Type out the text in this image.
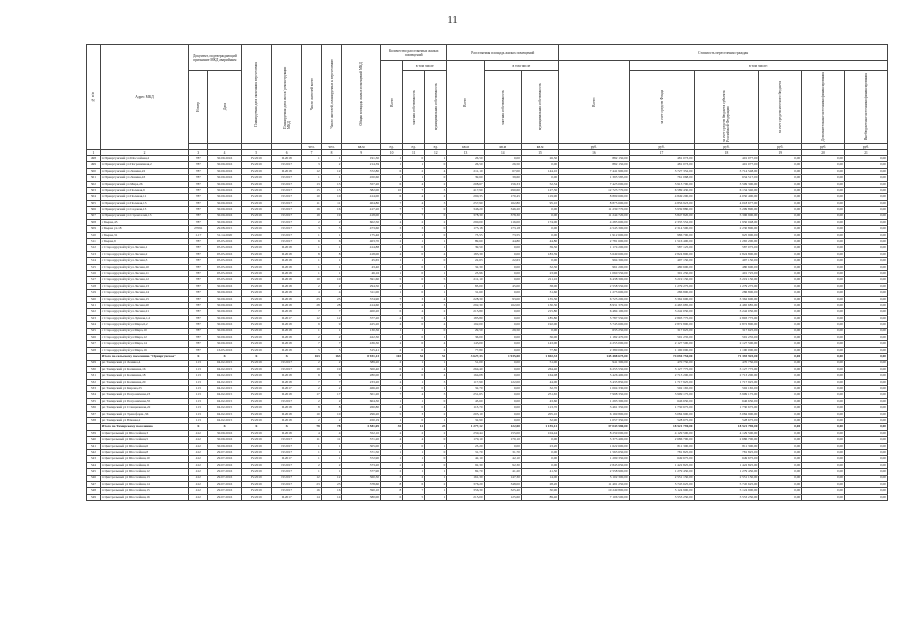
11
№ п/п	Адрес МКД	Документ, подтверждающий признание МКД аварийным		Планируемая дата окончания переселения	Планируемая дата сноса/ реконструкции МКД	Число жителей всего	Число жителей, планируемых к переселению	Общая площадь жилых помещений МКД	Количество расселяемых жилых помещений			Расселяемая площадь жилых помещений			Стоимость переселения граждан					

									Всего	в том числе		Всего	в том числе		Всего:	в том числе:				

		Номер	Дата							частная собственность	муниципальная собственность		частная собственность	муниципальная собственность		за счет средств Фонда	за счет средств бюджета субъекта Российской Федерации	за счет средств местного бюджета	Дополнительные источники финансирования	Внебюджетные источники финансирования

						чел.	чел.	кв.м	ед.	ед.	ед.	кв.м	кв.м	кв.м	руб.	руб.	руб.	руб.	руб.	руб.
1	2	3	4	5	6	7	8	9	10	11	12	13	14	15	16	17	18	19	20	21
498	п Приаргунский ул Шоссейная,2	787	30.09.2016	IV.2019	II.2018	1	1	191,30	1	0	1	26,50	0,00	26,50	882 150,00	481 073,00	401 077,00	0,00	0,00	0,00
499	п Приаргунский ул Пограничная,2	787	30.09.2016	IV.2019	IV.2017	3	2	214,39	1	1	0	26,50	26,50	0,00	882 150,00	481 073,00	401 077,00	0,00	0,00	0,00
500	п Приаргунский ул Ленина,22	787	30.09.2016	IV.2019	II.2018	12	12	372,80	6	2	4	211,10	67,00	144,10	7 441 900,00	3 727 352,00	3 714 548,00	0,00	0,00	0,00
501	п Приаргунский ул Ленина,43	787	30.09.2016	IV.2019	IV.2017	1	1	450,60	1	1	0	39,60	39,60	0,00	1 395 585,00	761 068,00	634 517,00	0,00	0,00	0,00
502	п Приаргунский ул Мира,26	787	30.09.2016	IV.2019	IV.2017	13	13	357,20	6	4	2	208,67	156,33	52,34	7 423 000,00	3 913 700,00	3 509 300,00	0,00	0,00	0,00
503	п Приаргунский ул Полевая,9	787	30.09.2016	IV.2019	IV.2017	15	15	382,00	10	7	3	417,90	290,60	127,30	12 723 770,00	6 589 430,00	6 134 340,00	0,00	0,00	0,00
504	п Приаргунский ул Полевая,11	787	30.09.2016	IV.2019	IV.2017	10	10	414,00	6	4	2	290,35	170,45	119,90	8 899 600,00	4 849 200,00	4 050 400,00	0,00	0,00	0,00
505	п Приаргунский ул Полевая,13	787	30.09.2016	IV.2019	IV.2017	11	11	404,80	7	4	3	257,90	162,80	95,10	8 875 600,00	4 856 923,00	4 018 677,00	0,00	0,00	0,00
506	п Приаргунский ул Садовая,13	787	30.09.2016	IV.2019	IV.2017	16	16	417,20	7	7	0	346,20	346,20	0,00	11 239 770,00	5 939 880,00	5 299 890,00	0,00	0,00	0,00
507	п Приаргунский ул Строителей,13	787	30.09.2016	IV.2019	IV.2017	19	19	418,00	7	7	0	378,30	378,30	0,00	11 244 720,00	5 847 820,00	5 396 900,00	0,00	0,00	0,00
508	с Бырка,45	787	30.09.2016	IV.2019	IV.2017	2	2	602,50	4	2	2	290,00	116,00	174,00	4 285 600,00	2 335 552,00	1 950 048,00	0,00	0,00	0,00
509	с Бырка ул.18	27091	29.08.2015	IV.2019	IV.2017	3	3	473,60	3	3	0	173,18	173,18	0,00	4 545 300,00	2 314 500,00	2 230 800,00	0,00	0,00	0,00
510	с Бырка,31	1.17	31.14.2020	IV.2020	IV.2017	1	1	175,46	1	1	0	73,55	73,55	0,00	1 912 600,00	986 700,00	925 900,00	0,00	0,00	0,00
511	с Бырка,9	787	05.05.2016	IV.2019	IV.2017	6	6	403,70	2	1	1	89,60	44,80	44,80	2 781 600,00	1 516 400,00	1 265 200,00	0,00	0,00	0,00
512	с Староцурухайтуй ул Лесная,1	787	05.05.2016	IV.2019	II.2018	1	1	414,88	1	0	1	39,50	0,00	39,50	1 174 200,00	587 125,00	587 075,00	0,00	0,00	0,00
513	с Староцурухайтуй ул Лесная,2	787	05.05.2016	IV.2019	II.2018	8	8	418,00	4	0	4	183,39	0,00	183,39	5 649 600,00	2 824 800,00	2 824 800,00	0,00	0,00	0,00
514	с Староцурухайтуй ул Лесная,3	787	05.05.2016	IV.2019	II.2018	1	1	45,65	1	1	0	22,63	22,63	0,00	994 300,00	497 150,00	497 150,00	0,00	0,00	0,00
515	с Староцурухайтуй ул Лесная,10	787	05.05.2016	IV.2019	II.2018	1	1	43,40	1	0	1	32,30	0,00	32,30	961 200,00	480 600,00	480 600,00	0,00	0,00	0,00
516	с Староцурухайтуй ул Лесная,11	787	05.05.2016	IV.2019	II.2018	1	1	46,16	1	0	1	23,96	0,00	23,96	1 060 550,00	301 250,00	401 725,00	0,00	0,00	0,00
517	с Староцурухайтуй ул Лесная,12	787	05.05.2016	IV.2019	II.2018	10	10	391,60	5	0	5	211,10	0,00	211,10	6 438 300,00	3 219 150,00	3 219 150,00	0,00	0,00	0,00
518	с Староцурухайтуй ул Лесная,13	787	30.09.2016	IV.2019	II.2018	2	2	294,50	2	1	1	83,00	45,00	38,00	2 558 550,00	1 279 275,00	1 279 275,00	0,00	0,00	0,00
519	с Староцурухайтуй ул Лесная,14	787	30.09.2016	IV.2019	II.2018	4	4	311,00	1	0	1	31,60	0,00	31,60	1 273 600,00	286 800,00	286 800,00	0,00	0,00	0,00
520	с Староцурухайтуй ул Лесная,15	787	30.09.2016	IV.2019	II.2018	25	25	374,90	7	3	4	228,30	93,00	135,30	6 725 200,00	3 362 600,00	3 362 600,00	0,00	0,00	0,00
521	с Староцурухайтуй ул Лесная,20	787	30.09.2016	IV.2019	II.2018	28	28	414,60	7	4	3	292,30	162,00	130,30	8 931 370,00	4 465 685,00	4 465 685,00	0,00	0,00	0,00
522	с Староцурухайтуй ул Лесная,21	787	30.09.2016	IV.2019	II.2018	7	7	400,20	6	4	2	215,80	0,00	215,80	6 484 100,00	3 242 050,00	3 242 050,00	0,00	0,00	0,00
523	с Староцурухайтуй ул Лунная,1,2	787	30.09.2016	IV.2019	II.2017	12	12	377,20	4	0	4	185,80	0,00	185,80	5 787 550,00	2 893 775,00	2 893 775,00	0,00	0,00	0,00
524	с Староцурухайтуй ул Мира,6,2	787	30.09.2016	IV.2019	II.2018	9	9	425,20	4	0	4	192,00	0,00	192,00	5 745 600,00	2 872 800,00	2 872 800,00	0,00	0,00	0,00
525	с Староцурухайтуй ул Мира,10	787	30.09.2016	IV.2019	II.2018	1	1	130,36	1	1	0	29,50	29,50	0,00	635 250,00	317 625,00	317 625,00	0,00	0,00	0,00
526	с Староцурухайтуй ул Мира,12	787	30.09.2016	IV.2019	II.2018	2	2	422,30	1	0	1	36,00	0,00	36,00	1 182 470,00	591 235,00	591 235,00	0,00	0,00	0,00
527	с Староцурухайтуй ул Мира,14	787	30.09.2016	IV.2019	II.2018	7	7	436,30	4	0	4	143,00	0,00	143,00	4 255 000,00	2 127 500,00	2 127 500,00	0,00	0,00	0,00
528	с Староцурухайтуй ул Мира,16	787	16.05.2016	IV.2019	II.2018	5	5	315,41	2	0	2	77,80	0,00	77,80	2 380 000,00	1 190 000,00	1 190 000,00	0,00	0,00	0,00
	Итого по сельскому поселению "Приаргунское"	X	X	X	X	163	163	8 931,13	103	52	51	3 627,33	1 935,00	1 692,33	145 488 675,00	74 094 750,00	71 393 925,00	0,00	0,00	0,00
529	рп Тамирский ул Ленина,4	113	04.02.2015	IV.2019	IV.2017	2	2	389,20	2	1	1	51,00	0,00	51,00	941 300,00	470 750,00	470 750,00	0,00	0,00	0,00
530	рп Тамирский ул Калинина,16	113	04.02.2015	IV.2019	IV.2017	19	19	300,40	6	2	4	264,40	0,00	264,40	6 255 550,00	3 127 775,00	3 127 775,00	0,00	0,00	0,00
531	рп Тамирский ул Калинина,18	113	04.02.2015	IV.2019	II.2018	9	9	280,00	4	0	4	164,08	0,00	164,08	5 426 400,00	2 713 200,00	2 713 200,00	0,00	0,00	0,00
532	рп Тамирский ул Калинина,20	113	04.02.2015	IV.2019	II.2018	7	7	233,20	4	1	3	117,99	122,00	44,00	3 435 850,00	1 717 925,00	1 717 925,00	0,00	0,00	0,00
533	рп Тамирский ул Кирова,25	113	04.02.2015	IV.2019	II.2017	2	2	466,20	1	0	1	32,70	0,00	32,70	1 004 330,00	502 165,00	502 165,00	0,00	0,00	0,00
534	рп Тамирский ул Пограничная,23	113	04.02.2015	IV.2019	II.2018	17	17	301,20	7	4	3	251,65	0,00	251,65	7 998 350,00	3 999 175,00	3 999 175,00	0,00	0,00	0,00
535	рп Тамирский ул Пограничная,35	113	04.02.2015	IV.2019	IV.2017	2	2	604,30	1	1	0	43,60	0,00	43,60	1 293 300,00	646 650,00	646 650,00	0,00	0,00	0,00
536	рп Тамирский ул Станционная,22	113	04.02.2015	IV.2019	II.2018	8	8	260,80	4	0	4	113,70	0,00	113,70	3 461 350,00	1 730 675,00	1 730 675,00	0,00	0,00	0,00
537	рп Тамирский ул Трансформ.,36	113	04.02.2015	IV.2019	II.2018	10	10	296,20	5	3	2	205,10	0,00	205,10	6 169 800,00	3 084 900,00	3 084 900,00	0,00	0,00	0,00
538	рп Тамирский ул Южная,2	113	04.02.2015	IV.2019	II.2018	2	2	450,19	1	0	1	32,90	0,00	32,90	1 057 350,00	528 675,00	528 675,00	0,00	0,00	0,00
	Итого по Тамирскому поселению	X	X	X	X	78	78	3 581,69	35	12	23	1 277,12	122,00	1 155,12	37 043 580,00	18 521 790,00	18 521 790,00	0,00	0,00	0,00
539	п Центральный ул Шоссейная,3	412	30.09.2016	IV.2019	II.2018	4	4	352,10	4	2	2	259,44	155,00	104,44	8 259 000,00	4 129 500,00	4 129 500,00	0,00	0,00	0,00
540	п Центральный ул Шоссейная,5	412	30.09.2016	IV.2019	IV.2017	11	11	371,20	4	4	0	170,10	170,10	0,00	5 373 400,00	2 686 700,00	2 686 700,00	0,00	0,00	0,00
541	п Центральный ул Шоссейная,6	412	30.09.2016	IV.2019	IV.2017	1	1	305,00	1	0	1	23,20	0,00	23,20	1 622 600,00	811 300,00	811 300,00	0,00	0,00	0,00
542	п Центральный ул Шоссейная,8	412	29.07.2016	IV.2019	IV.2017	1	1	371,50	1	1	0	31,70	31,70	0,00	1 563 650,00	781 825,00	781 825,00	0,00	0,00	0,00
543	п Центральный ул Шоссейная,10	412	29.07.2016	IV.2019	II.2017	1	1	372,90	1	1	0	42,10	42,10	0,00	1 299 350,00	649 675,00	649 675,00	0,00	0,00	0,00
544	п Центральный ул Шоссейная,11	412	29.07.2016	IV.2019	IV.2017	2	2	373,20	2	2	0	92,30	92,30	0,00	2 845 650,00	1 422 825,00	1 422 825,00	0,00	0,00	0,00
545	п Центральный ул Шоссейная,12	412	29.07.2016	IV.2019	IV.2017	1	1	377,90	2	1	1	82,70	41,20	41,50	2 558 900,00	1 279 450,00	1 279 450,00	0,00	0,00	0,00
546	п Центральный ул Шоссейная,13	412	29.07.2016	IV.2019	IV.2017	12	12	360,30	3	2	1	161,30	147,30	14,00	5 102 300,00	2 551 150,00	2 551 150,00	0,00	0,00	0,00
547	п Центральный ул Шоссейная,14	412	29.07.2016	IV.2019	IV.2017	23	23	378,60	8	6	2	376,20	348,00	28,20	11 491 250,00	5 745 625,00	5 745 625,00	0,00	0,00	0,00
548	п Центральный ул Шоссейная,15	412	29.07.2016	IV.2019	IV.2017	16	16	390,10	8	7	1	356,30	325,40	30,90	10 249 800,00	5 124 900,00	5 124 900,00	0,00	0,00	0,00
549	п Центральный ул Шоссейная,16	412	29.07.2016	IV.2019	II.2017	14	14	380,00	6	5	1	215,00	125,60	89,40	7 106 500,00	3 553 250,00	3 553 250,00	0,00	0,00	0,00
